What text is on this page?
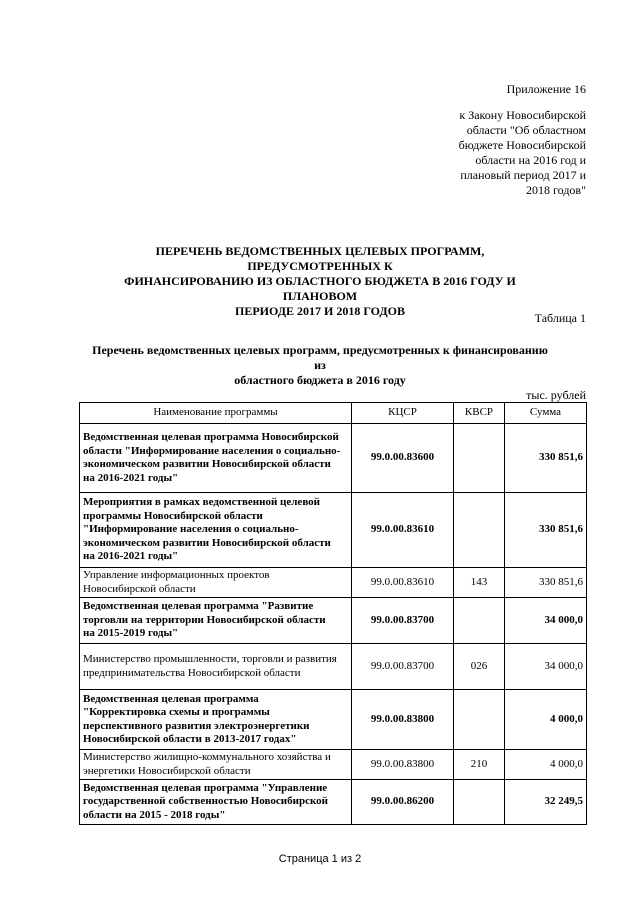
Приложение 16
к Закону Новосибирской
области "Об областном
бюджете Новосибирской
области на 2016 год и
плановый период 2017 и
2018 годов"
ПЕРЕЧЕНЬ ВЕДОМСТВЕННЫХ ЦЕЛЕВЫХ ПРОГРАММ, ПРЕДУСМОТРЕННЫХ К
ФИНАНСИРОВАНИЮ ИЗ ОБЛАСТНОГО БЮДЖЕТА В 2016 ГОДУ И ПЛАНОВОМ
ПЕРИОДЕ 2017 И 2018 ГОДОВ	Таблица 1
Перечень ведомственных целевых программ, предусмотренных к финансированию из
областного бюджета в 2016 году
тыс. рублей
Наименование программы	КЦСР	КВСР	Сумма

Ведомственная целевая программа Новосибирской
области "Информирование населения о социально-
экономическом развитии Новосибирской области
на 2016-2021 годы"	99.0.00.83600		330 851,6

Мероприятия в рамках ведомственной целевой
программы Новосибирской области
"Информирование населения о социально-
экономическом развитии Новосибирской области
на 2016-2021 годы"	99.0.00.83610		330 851,6

Управление информационных проектов
Новосибирской области	99.0.00.83610	143	330 851,6

Ведомственная целевая программа "Развитие
торговли на территории Новосибирской области
на 2015-2019 годы"	99.0.00.83700		34 000,0

Министерство промышленности, торговли и развития
предпринимательства Новосибирской области	99.0.00.83700	026	34 000,0

Ведомственная целевая программа
"Корректировка схемы и программы
перспективного развития электроэнергетики
Новосибирской области в 2013-2017 годах"	99.0.00.83800		4 000,0

Министерство жилищно-коммунального хозяйства и
энергетики Новосибирской области	99.0.00.83800	210	4 000,0

Ведомственная целевая программа "Управление
государственной собственностью Новосибирской
области на 2015 - 2018 годы"	99.0.00.86200		32 249,5
Страница 1 из 2
